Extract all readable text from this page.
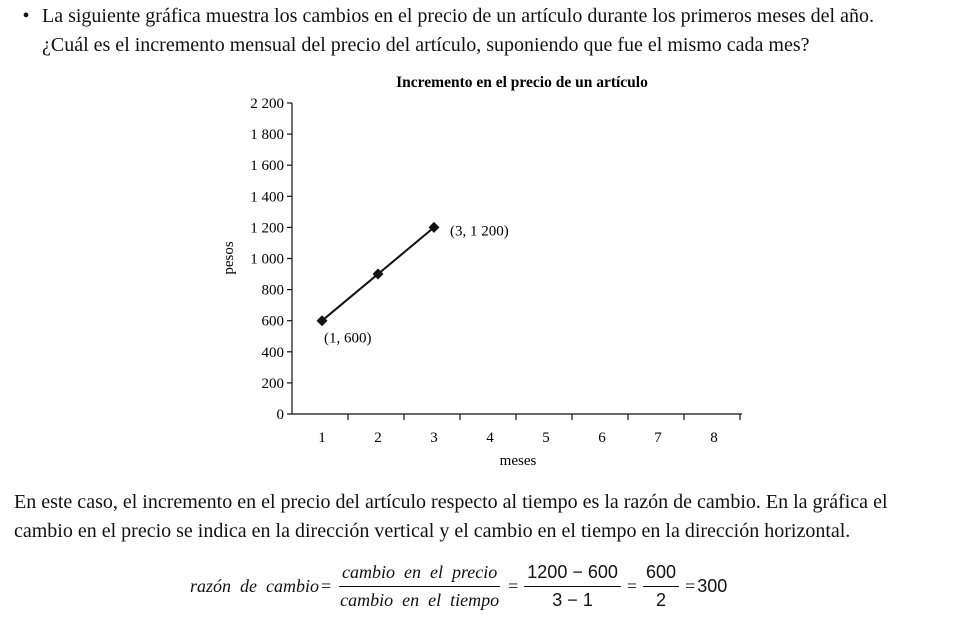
• La siguiente gráfica muestra los cambios en el precio de un artículo durante los primeros meses del año.
¿Cuál es el incremento mensual del precio del artículo, suponiendo que fue el mismo cada mes?
Incremento en el precio de un artículo
0
200
400
600
800
1 000
1 200
1 400
1 600
1 800
2 200
1	2	3	4	5	6	7	8
meses
pesos
(1, 600)
(3, 1 200)
En este caso, el incremento en el precio del artículo respecto al tiempo es la razón de cambio. En la gráfica el
cambio en el precio se indica en la dirección vertical y el cambio en el tiempo en la dirección horizontal.
razón  de  cambio = $\frac{\text{cambio  en  el  precio}}{\text{cambio  en  el  tiempo}} = \frac{1200 - 600}{3 - 1} = \frac{600}{2} = 300$
